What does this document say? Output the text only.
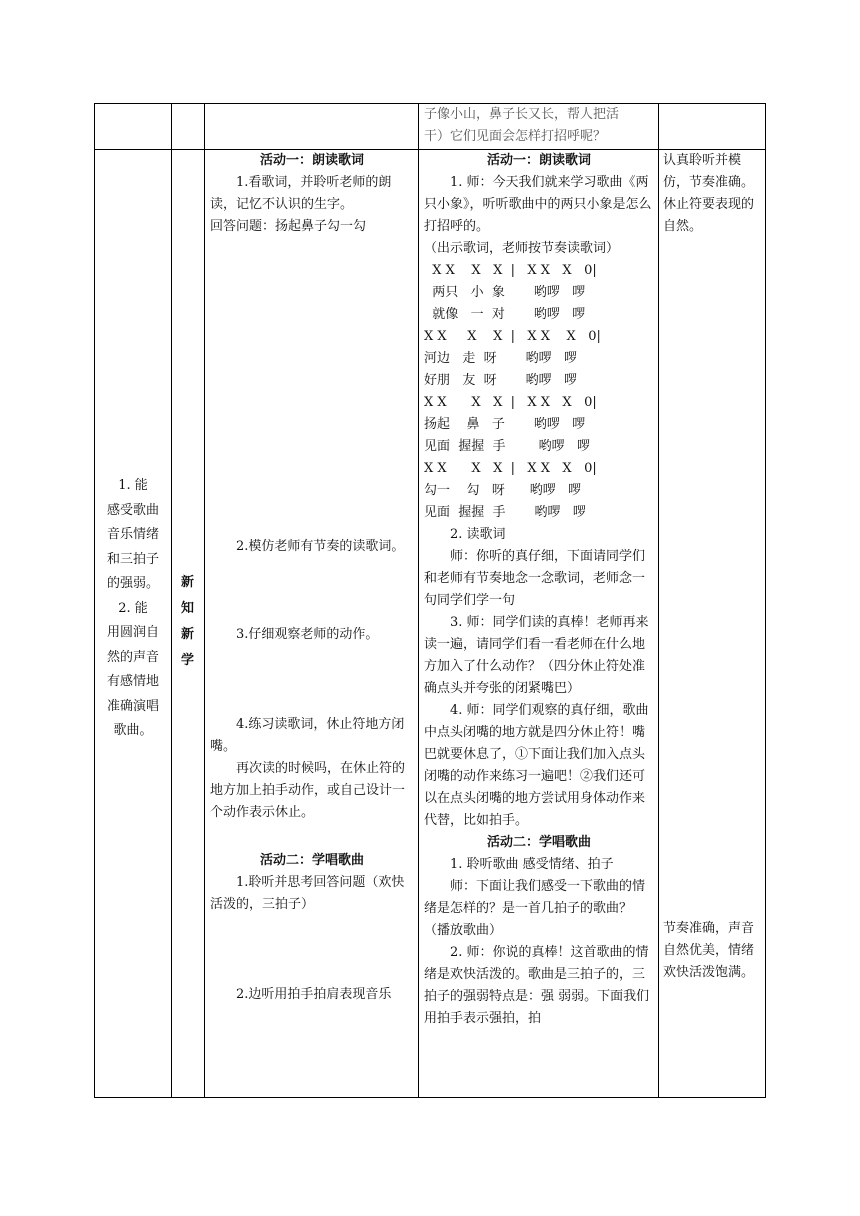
子像小山，鼻子长又长，帮人把活

干）它们见面会怎样打招呼呢？

1. 能

感受歌曲

音乐情绪

和三拍子

的强弱。

2. 能

用圆润自

然的声音

有感情地

准确演唱

歌曲。

新
知
新
学

活动一：朗读歌词

1.看歌词，并聆听老师的朗读，记忆不认识的生字。

回答问题：扬起鼻子勾一勾

2.模仿老师有节奏的读歌词。

3.仔细观察老师的动作。

4.练习读歌词，休止符地方闭嘴。

再次读的时候吗，在休止符的地方加上拍手动作，或自己设计一个动作表示休止。

活动二：学唱歌曲

1.聆听并思考回答问题（欢快活泼的，三拍子）

2.边听用拍手拍肩表现音乐

活动一：朗读歌词

1. 师：今天我们就来学习歌曲《两只小象》，听听歌曲中的两只小象是怎么打招呼的。

（出示歌词，老师按节奏读歌词）

X X    X   X  |   X X   X   0|
两只   小  象       哟啰   啰
就像   一  对       哟啰   啰
X X     X    X  |   X X    X   0|
河边   走  呀       哟啰   啰
好朋   友  呀       哟啰   啰
X X      X   X  |   X X   X   0|
扬起    鼻   子       哟啰   啰
见面  握握  手        哟啰   啰
X X      X   X  |   X X   X   0|
勾一    勾   呀      哟啰   啰
见面  握握  手       哟啰   啰

2. 读歌词

师：你听的真仔细，下面请同学们和老师有节奏地念一念歌词，老师念一句同学们学一句

3. 师：同学们读的真棒！老师再来读一遍，请同学们看一看老师在什么地方加入了什么动作？（四分休止符处准确点头并夸张的闭紧嘴巴）

4. 师：同学们观察的真仔细，歌曲中点头闭嘴的地方就是四分休止符！嘴巴就要休息了，①下面让我们加入点头闭嘴的动作来练习一遍吧！②我们还可以在点头闭嘴的地方尝试用身体动作来代替，比如拍手。

活动二：学唱歌曲

1. 聆听歌曲 感受情绪、拍子

师：下面让我们感受一下歌曲的情绪是怎样的？是一首几拍子的歌曲？（播放歌曲）

2. 师：你说的真棒！这首歌曲的情绪是欢快活泼的。歌曲是三拍子的，三拍子的强弱特点是：强 弱弱。下面我们用拍手表示强拍，拍

认真聆听并模仿，节奏准确。休止符要表现的自然。

节奏准确，声音自然优美，情绪欢快活泼饱满。
